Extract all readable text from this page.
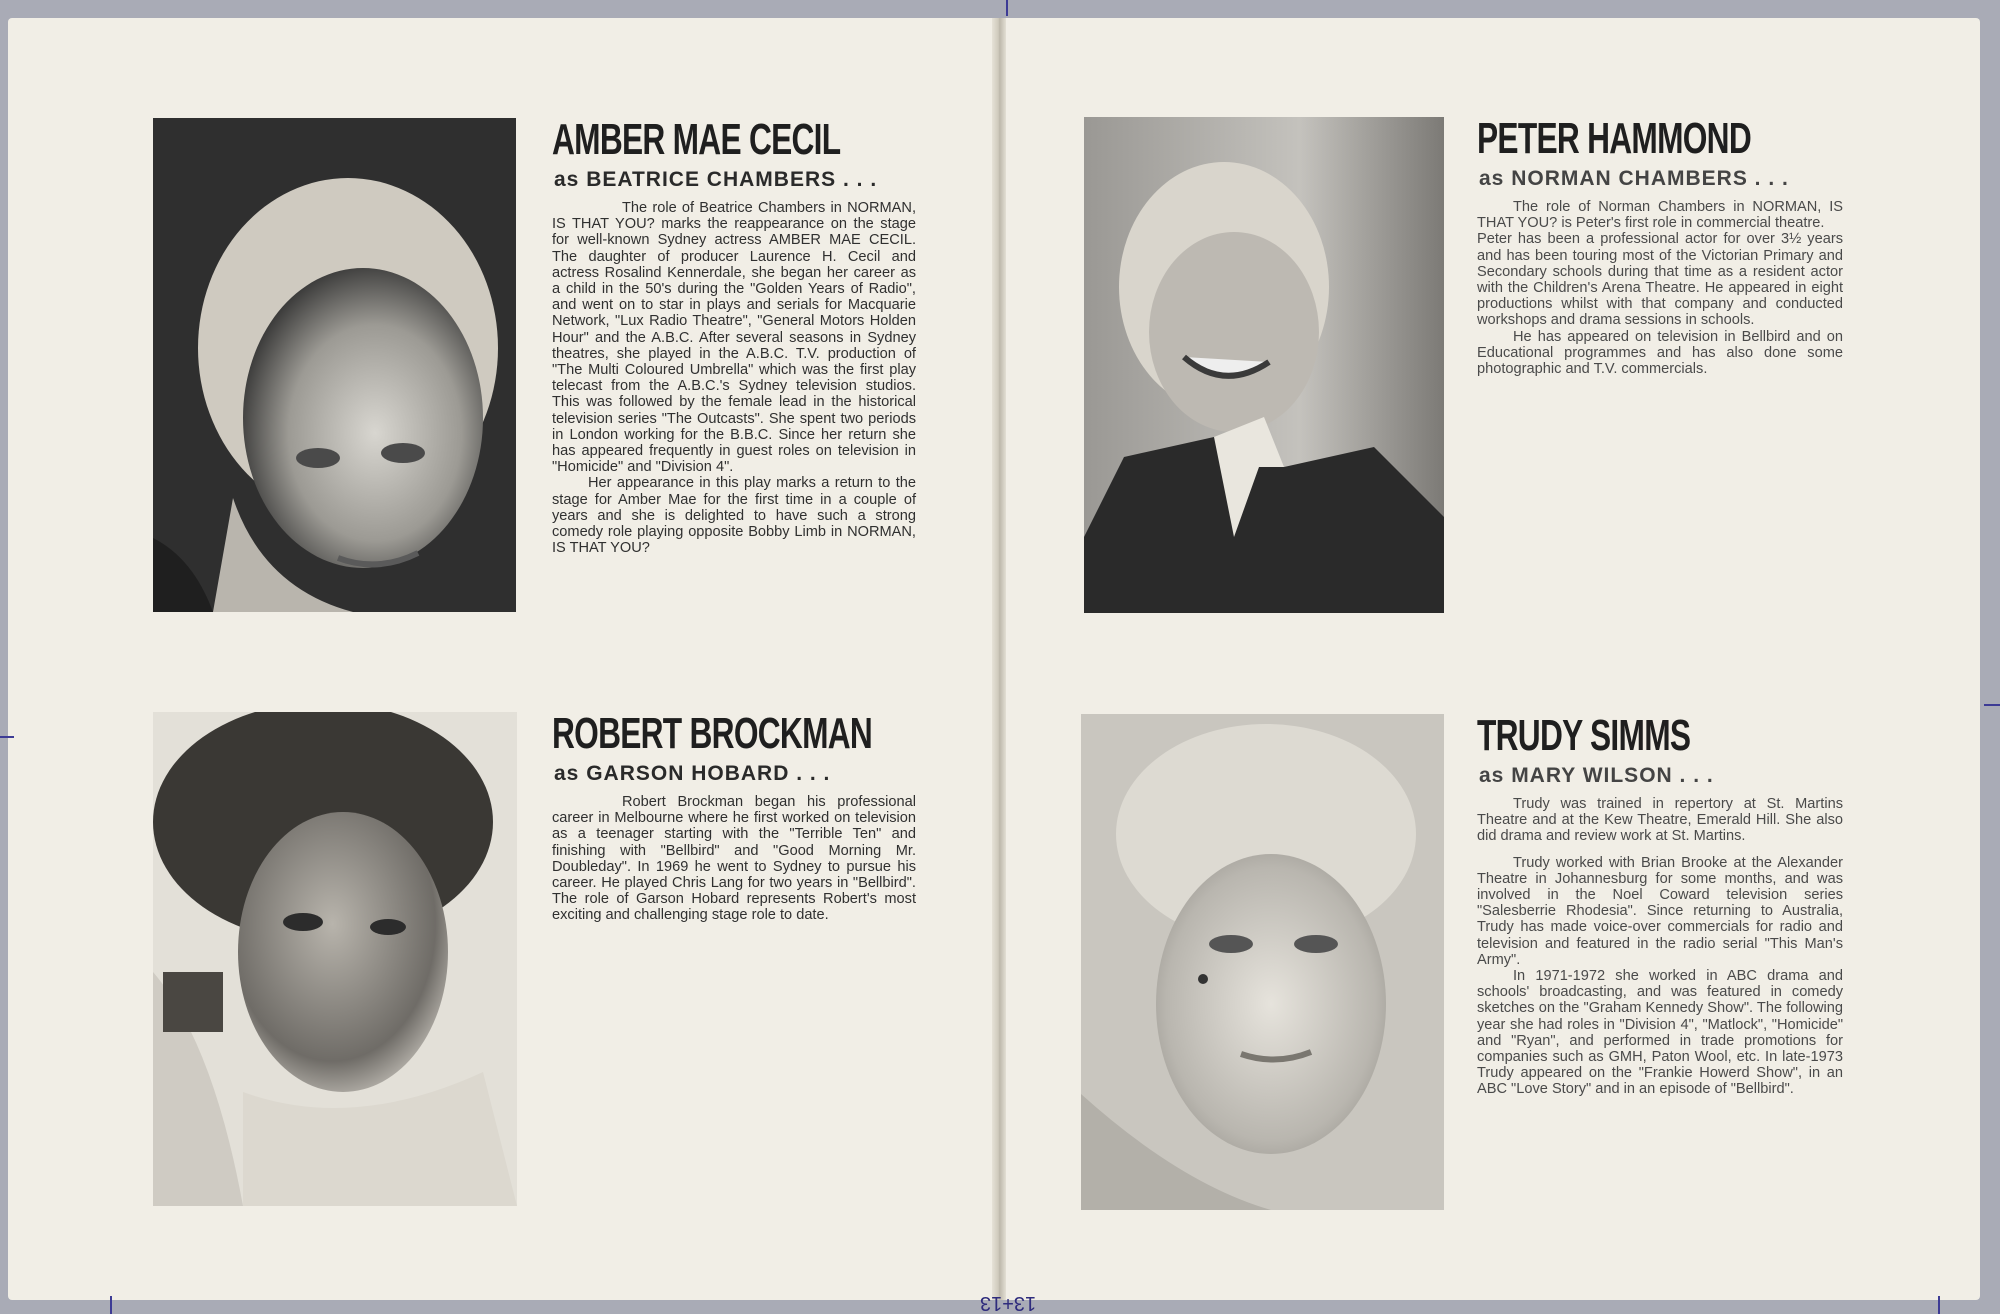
13+13

AMBER MAE CECIL

as BEATRICE CHAMBERS . . .

The role of Beatrice Chambers in NORMAN, IS THAT YOU? marks the reappearance on the stage for well-known Sydney actress AMBER MAE CECIL. The daughter of producer Laurence H. Cecil and actress Rosalind Kennerdale, she began her career as a child in the 50's during the "Golden Years of Radio", and went on to star in plays and serials for Macquarie Network, "Lux Radio Theatre", "General Motors Holden Hour" and the A.B.C. After several seasons in Sydney theatres, she played in the A.B.C. T.V. production of "The Multi Coloured Umbrella" which was the first play telecast from the A.B.C.'s Sydney television studios. This was followed by the female lead in the historical television series "The Outcasts". She spent two periods in London working for the B.B.C. Since her return she has appeared frequently in guest roles on television in "Homicide" and "Division 4".

Her appearance in this play marks a return to the stage for Amber Mae for the first time in a couple of years and she is delighted to have such a strong comedy role playing opposite Bobby Limb in NORMAN, IS THAT YOU?

PETER HAMMOND

as NORMAN CHAMBERS . . .

The role of Norman Chambers in NORMAN, IS THAT YOU? is Peter's first role in commercial theatre.

Peter has been a professional actor for over 3½ years and has been touring most of the Victorian Primary and Secondary schools during that time as a resident actor with the Children's Arena Theatre. He appeared in eight productions whilst with that company and conducted workshops and drama sessions in schools.

He has appeared on television in Bellbird and on Educational programmes and has also done some photographic and T.V. commercials.

ROBERT BROCKMAN

as GARSON HOBARD . . .

Robert Brockman began his professional career in Melbourne where he first worked on television as a teenager starting with the "Terrible Ten" and finishing with "Bellbird" and "Good Morning Mr. Doubleday". In 1969 he went to Sydney to pursue his career. He played Chris Lang for two years in "Bellbird". The role of Garson Hobard represents Robert's most exciting and challenging stage role to date.

TRUDY SIMMS

as MARY WILSON . . .

Trudy was trained in repertory at St. Martins Theatre and at the Kew Theatre, Emerald Hill. She also did drama and review work at St. Martins.

Trudy worked with Brian Brooke at the Alexander Theatre in Johannesburg for some months, and was involved in the Noel Coward television series "Salesberrie Rhodesia". Since returning to Australia, Trudy has made voice-over commercials for radio and television and featured in the radio serial "This Man's Army".

In 1971-1972 she worked in ABC drama and schools' broadcasting, and was featured in comedy sketches on the "Graham Kennedy Show". The following year she had roles in "Division 4", "Matlock", "Homicide" and "Ryan", and performed in trade promotions for companies such as GMH, Paton Wool, etc. In late-1973 Trudy appeared on the "Frankie Howerd Show", in an ABC "Love Story" and in an episode of "Bellbird".
